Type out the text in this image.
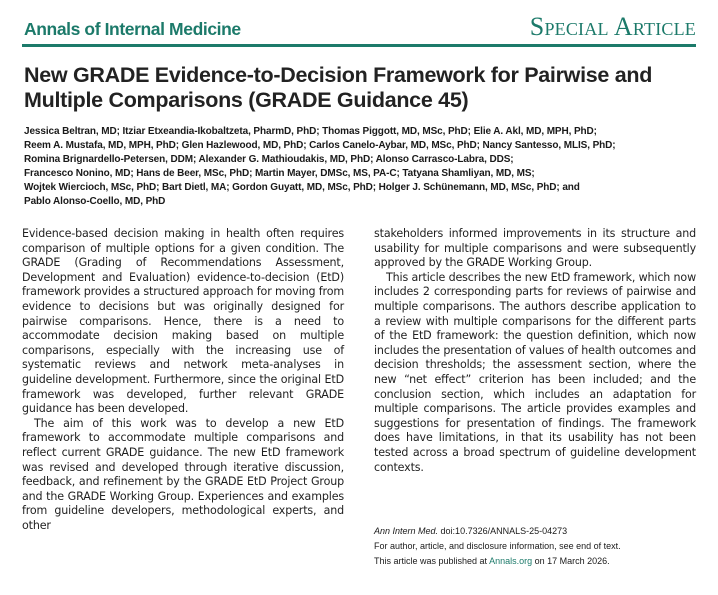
Annals of Internal Medicine	Special Article
New GRADE Evidence-to-Decision Framework for Pairwise and
Multiple Comparisons (GRADE Guidance 45)
Jessica Beltran, MD; Itziar Etxeandia-Ikobaltzeta, PharmD, PhD; Thomas Piggott, MD, MSc, PhD; Elie A. Akl, MD, MPH, PhD;
Reem A. Mustafa, MD, MPH, PhD; Glen Hazlewood, MD, PhD; Carlos Canelo-Aybar, MD, MSc, PhD; Nancy Santesso, MLIS, PhD;
Romina Brignardello-Petersen, DDM; Alexander G. Mathioudakis, MD, PhD; Alonso Carrasco-Labra, DDS;
Francesco Nonino, MD; Hans de Beer, MSc, PhD; Martin Mayer, DMSc, MS, PA-C; Tatyana Shamliyan, MD, MS;
Wojtek Wiercioch, MSc, PhD; Bart Dietl, MA; Gordon Guyatt, MD, MSc, PhD; Holger J. Schünemann, MD, MSc, PhD; and
Pablo Alonso-Coello, MD, PhD

Evidence-based decision making in health often requires comparison of multiple options for a given condition. The GRADE (Grading of Recommendations Assessment, Development and Evaluation) evidence-to-decision (EtD) framework provides a structured approach for moving from evidence to decisions but was originally designed for pairwise comparisons. Hence, there is a need to accommodate decision making based on multiple comparisons, especially with the increasing use of systematic reviews and network meta-analyses in guideline development. Furthermore, since the original EtD framework was developed, further relevant GRADE guidance has been developed.

The aim of this work was to develop a new EtD framework to accommodate multiple comparisons and reflect current GRADE guidance. The new EtD framework was revised and developed through iterative discussion, feedback, and refinement by the GRADE EtD Project Group and the GRADE Working Group. Experiences and examples from guideline developers, methodological experts, and other

stakeholders informed improvements in its structure and usability for multiple comparisons and were subsequently approved by the GRADE Working Group.

This article describes the new EtD framework, which now includes 2 corresponding parts for reviews of pairwise and multiple comparisons. The authors describe application to a review with multiple comparisons for the different parts of the EtD framework: the question definition, which now includes the presentation of values of health outcomes and decision thresholds; the assessment section, where the new “net effect” criterion has been included; and the conclusion section, which includes an adaptation for multiple comparisons. The article provides examples and suggestions for presentation of findings. The framework does have limitations, in that its usability has not been tested across a broad spectrum of guideline development contexts.

Ann Intern Med. doi:10.7326/ANNALS-25-04273
For author, article, and disclosure information, see end of text.
This article was published at Annals.org on 17 March 2026.
